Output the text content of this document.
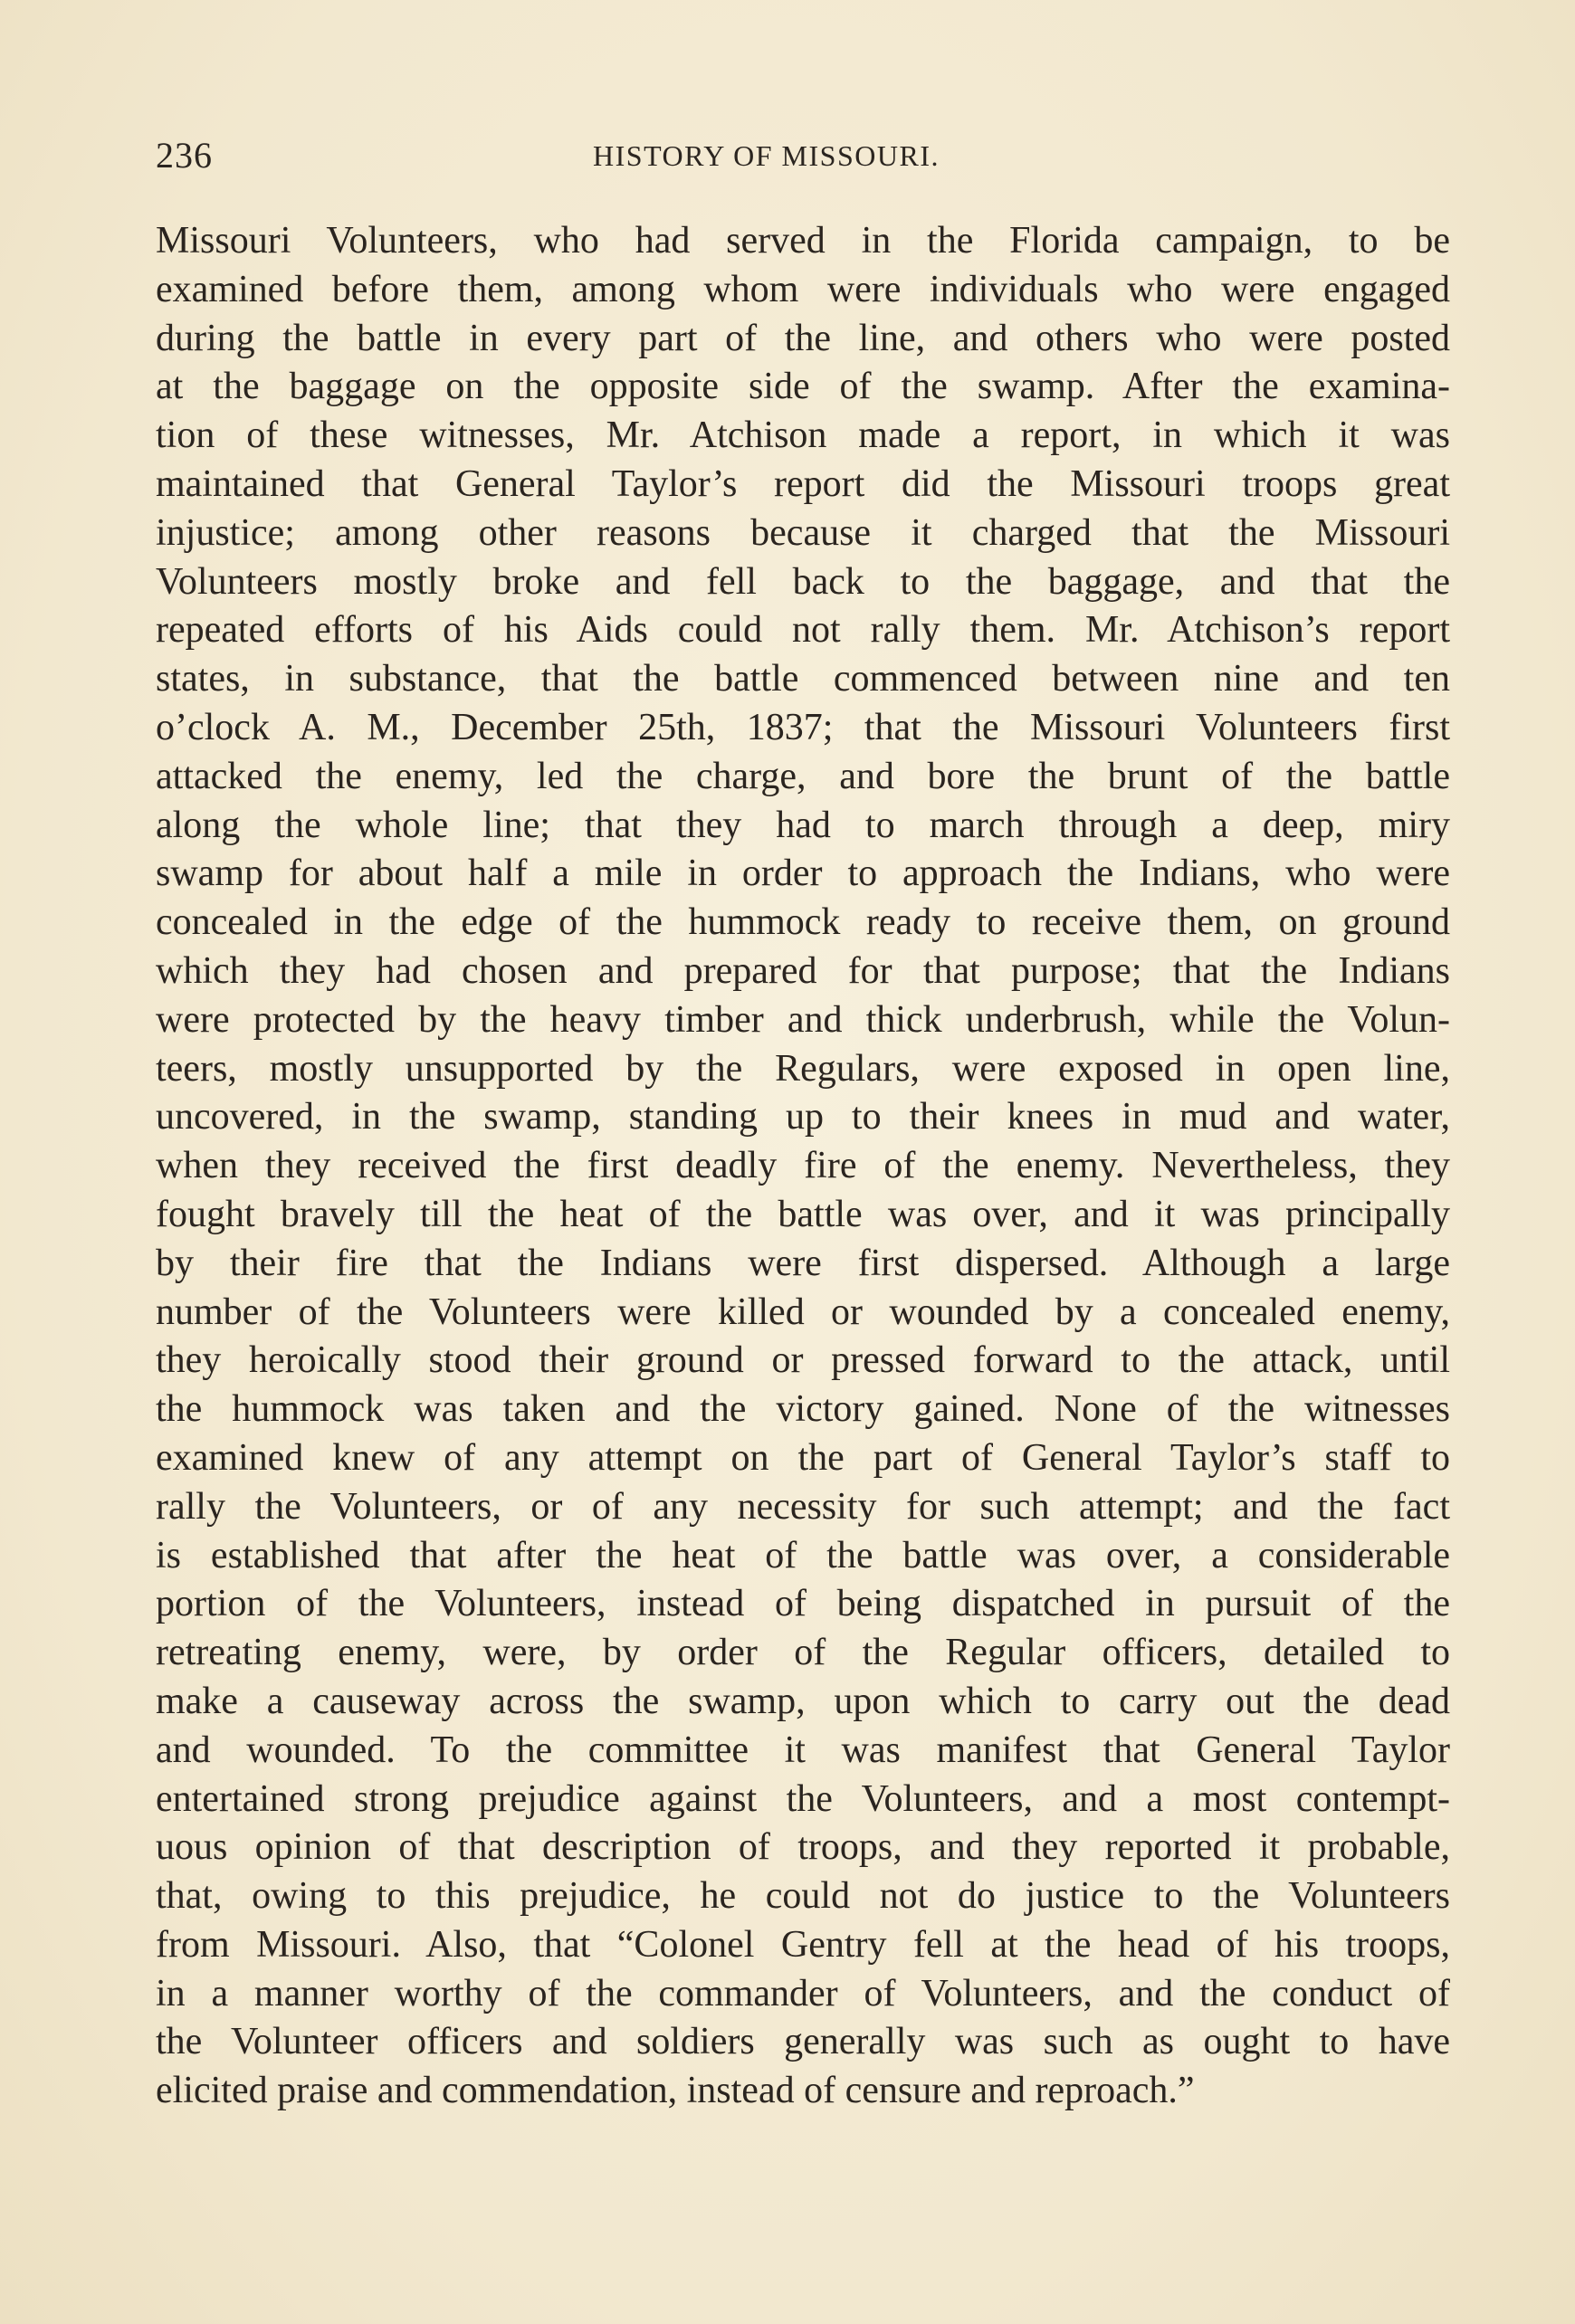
236	HISTORY OF MISSOURI.
Missouri Volunteers, who had served in the Florida campaign, to be
examined before them, among whom were individuals who were engaged
during the battle in every part of the line, and others who were posted
at the baggage on the opposite side of the swamp. After the examina-
tion of these witnesses, Mr. Atchison made a report, in which it was
maintained that General Taylor’s report did the Missouri troops great
injustice; among other reasons because it charged that the Missouri
Volunteers mostly broke and fell back to the baggage, and that the
repeated efforts of his Aids could not rally them. Mr. Atchison’s report
states, in substance, that the battle commenced between nine and ten
o’clock A. M., December 25th, 1837; that the Missouri Volunteers first
attacked the enemy, led the charge, and bore the brunt of the battle
along the whole line; that they had to march through a deep, miry
swamp for about half a mile in order to approach the Indians, who were
concealed in the edge of the hummock ready to receive them, on ground
which they had chosen and prepared for that purpose; that the Indians
were protected by the heavy timber and thick underbrush, while the Volun-
teers, mostly unsupported by the Regulars, were exposed in open line,
uncovered, in the swamp, standing up to their knees in mud and water,
when they received the first deadly fire of the enemy. Nevertheless, they
fought bravely till the heat of the battle was over, and it was principally
by their fire that the Indians were first dispersed. Although a large
number of the Volunteers were killed or wounded by a concealed enemy,
they heroically stood their ground or pressed forward to the attack, until
the hummock was taken and the victory gained. None of the witnesses
examined knew of any attempt on the part of General Taylor’s staff to
rally the Volunteers, or of any necessity for such attempt; and the fact
is established that after the heat of the battle was over, a considerable
portion of the Volunteers, instead of being dispatched in pursuit of the
retreating enemy, were, by order of the Regular officers, detailed to
make a causeway across the swamp, upon which to carry out the dead
and wounded. To the committee it was manifest that General Taylor
entertained strong prejudice against the Volunteers, and a most contempt-
uous opinion of that description of troops, and they reported it probable,
that, owing to this prejudice, he could not do justice to the Volunteers
from Missouri. Also, that “Colonel Gentry fell at the head of his troops,
in a manner worthy of the commander of Volunteers, and the conduct of
the Volunteer officers and soldiers generally was such as ought to have
elicited praise and commendation, instead of censure and reproach.”
